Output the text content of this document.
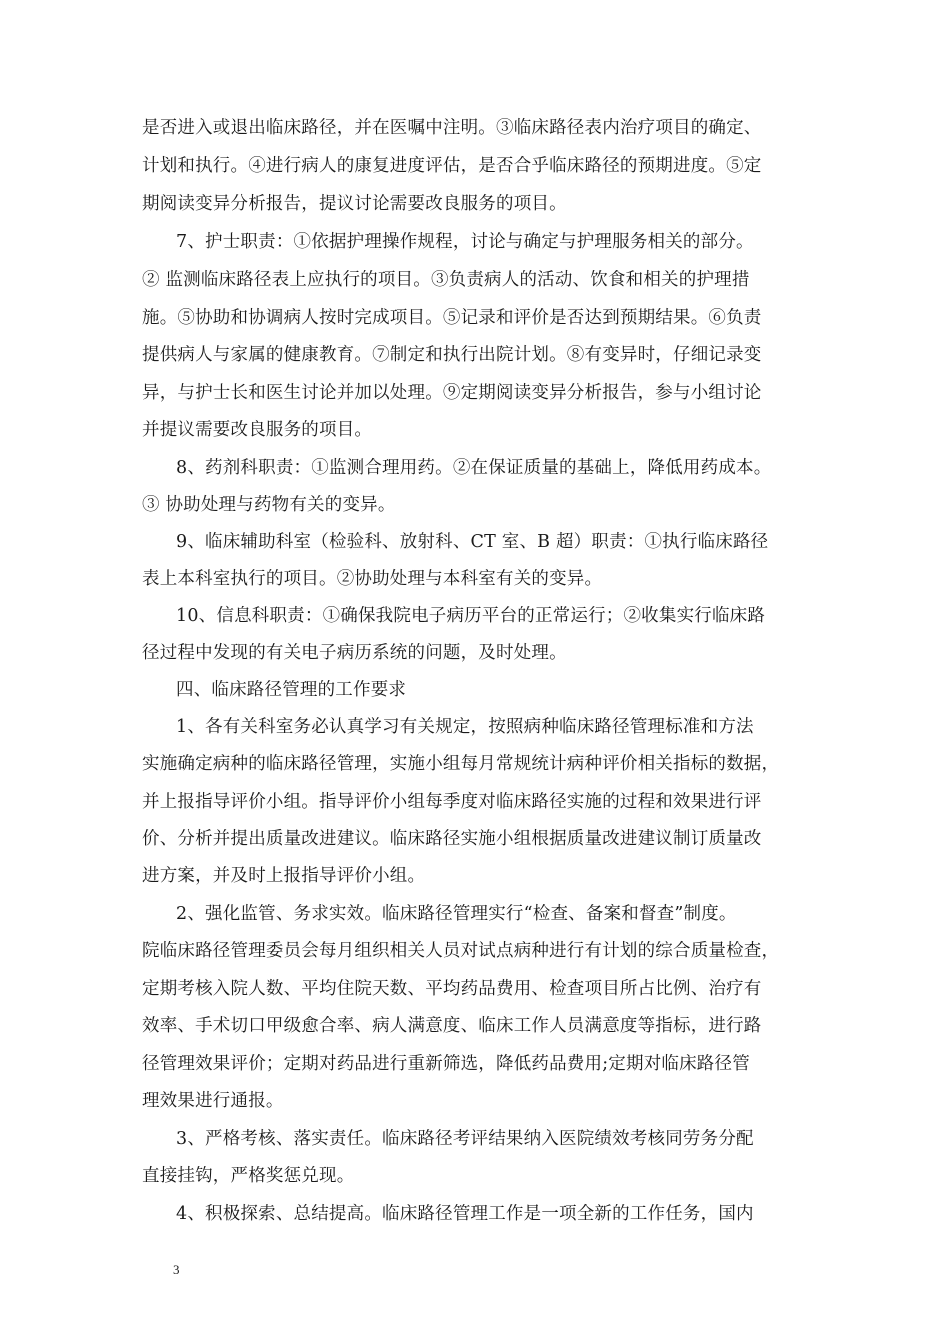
是否进入或退出临床路径，并在医嘱中注明。③临床路径表内治疗项目的确定、
计划和执行。④进行病人的康复进度评估，是否合乎临床路径的预期进度。⑤定
期阅读变异分析报告，提议讨论需要改良服务的项目。
7、护士职责：①依据护理操作规程，讨论与确定与护理服务相关的部分。
② 监测临床路径表上应执行的项目。③负责病人的活动、饮食和相关的护理措
施。⑤协助和协调病人按时完成项目。⑤记录和评价是否达到预期结果。⑥负责
提供病人与家属的健康教育。⑦制定和执行出院计划。⑧有变异时，仔细记录变
异，与护士长和医生讨论并加以处理。⑨定期阅读变异分析报告，参与小组讨论
并提议需要改良服务的项目。
8、药剂科职责：①监测合理用药。②在保证质量的基础上，降低用药成本。
③ 协助处理与药物有关的变异。
9、临床辅助科室（检验科、放射科、CT 室、B 超）职责：①执行临床路径
表上本科室执行的项目。②协助处理与本科室有关的变异。
10、信息科职责：①确保我院电子病历平台的正常运行；②收集实行临床路
径过程中发现的有关电子病历系统的问题，及时处理。
四、临床路径管理的工作要求
1、各有关科室务必认真学习有关规定，按照病种临床路径管理标准和方法
实施确定病种的临床路径管理，实施小组每月常规统计病种评价相关指标的数据，
并上报指导评价小组。指导评价小组每季度对临床路径实施的过程和效果进行评
价、分析并提出质量改进建议。临床路径实施小组根据质量改进建议制订质量改
进方案，并及时上报指导评价小组。
2、强化监管、务求实效。临床路径管理实行“检查、备案和督查”制度。
院临床路径管理委员会每月组织相关人员对试点病种进行有计划的综合质量检查，
定期考核入院人数、平均住院天数、平均药品费用、检查项目所占比例、治疗有
效率、手术切口甲级愈合率、病人满意度、临床工作人员满意度等指标，进行路
径管理效果评价；定期对药品进行重新筛选，降低药品费用;定期对临床路径管
理效果进行通报。
3、严格考核、落实责任。临床路径考评结果纳入医院绩效考核同劳务分配
直接挂钩，严格奖惩兑现。
4、积极探索、总结提高。临床路径管理工作是一项全新的工作任务，国内
3
